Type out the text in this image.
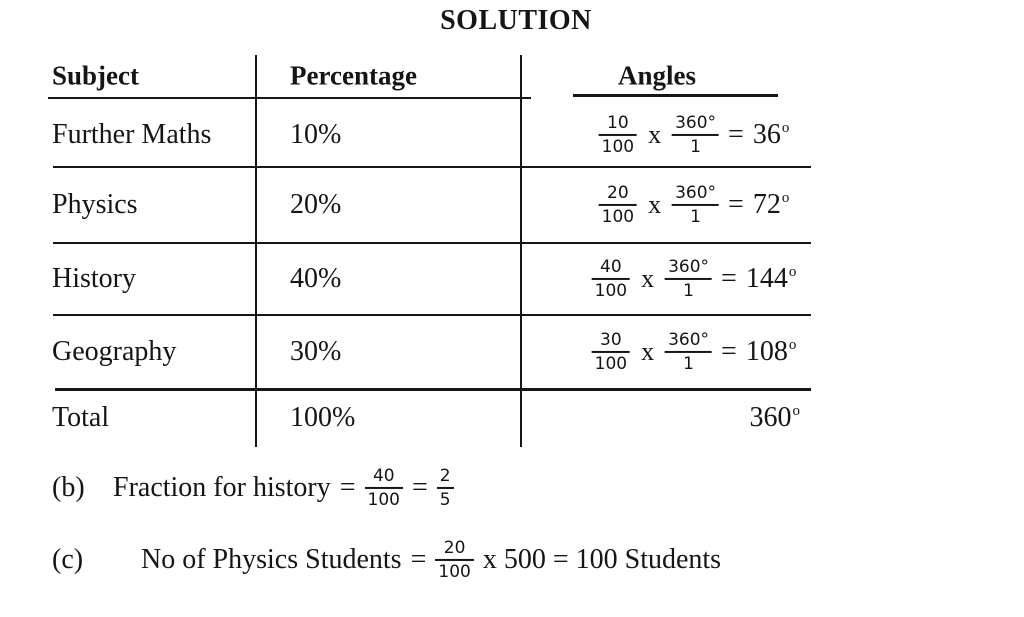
SOLUTION
Subject	Percentage	Angles
Further Maths	10%	$\frac{10}{100}$ x $\frac{360^\circ}{1} = 36o$
Physics	20%	$\frac{20}{100}$ x $\frac{360^\circ}{1} = 72o$
History	40%	$\frac{40}{100}$ x $\frac{360^\circ}{1} = 144o$
Geography	30%	$\frac{30}{100}$ x $\frac{360^\circ}{1} = 108o$
Total	100%	360o
(b)	Fraction for history = $\frac{40}{100} = \frac{2}{5}$
(c)	No of Physics Students = $\frac{20}{100}$ x 500 = 100 Students
